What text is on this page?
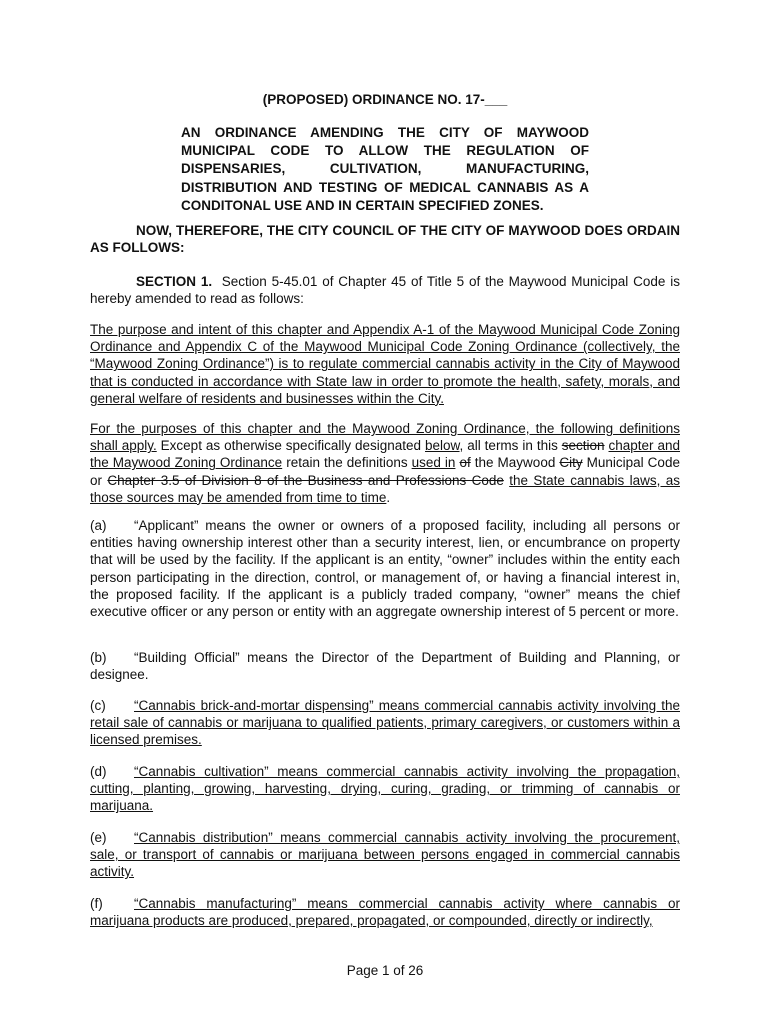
(PROPOSED) ORDINANCE NO. 17-___
AN ORDINANCE AMENDING THE CITY OF MAYWOOD MUNICIPAL CODE TO ALLOW THE REGULATION OF DISPENSARIES, CULTIVATION, MANUFACTURING, DISTRIBUTION AND TESTING OF MEDICAL CANNABIS AS A CONDITONAL USE AND IN CERTAIN SPECIFIED ZONES.
NOW, THEREFORE, THE CITY COUNCIL OF THE CITY OF MAYWOOD DOES ORDAIN AS FOLLOWS:
SECTION 1. Section 5-45.01 of Chapter 45 of Title 5 of the Maywood Municipal Code is hereby amended to read as follows:
The purpose and intent of this chapter and Appendix A-1 of the Maywood Municipal Code Zoning Ordinance and Appendix C of the Maywood Municipal Code Zoning Ordinance (collectively, the “Maywood Zoning Ordinance”) is to regulate commercial cannabis activity in the City of Maywood that is conducted in accordance with State law in order to promote the health, safety, morals, and general welfare of residents and businesses within the City.
For the purposes of this chapter and the Maywood Zoning Ordinance, the following definitions shall apply. Except as otherwise specifically designated below, all terms in this section chapter and the Maywood Zoning Ordinance retain the definitions used in of the Maywood City Municipal Code or Chapter 3.5 of Division 8 of the Business and Professions Code the State cannabis laws, as those sources may be amended from time to time.
(a) “Applicant” means the owner or owners of a proposed facility, including all persons or entities having ownership interest other than a security interest, lien, or encumbrance on property that will be used by the facility. If the applicant is an entity, “owner” includes within the entity each person participating in the direction, control, or management of, or having a financial interest in, the proposed facility. If the applicant is a publicly traded company, “owner” means the chief executive officer or any person or entity with an aggregate ownership interest of 5 percent or more.
(b) “Building Official” means the Director of the Department of Building and Planning, or designee.
(c) “Cannabis brick-and-mortar dispensing” means commercial cannabis activity involving the retail sale of cannabis or marijuana to qualified patients, primary caregivers, or customers within a licensed premises.
(d) “Cannabis cultivation” means commercial cannabis activity involving the propagation, cutting, planting, growing, harvesting, drying, curing, grading, or trimming of cannabis or marijuana.
(e) “Cannabis distribution” means commercial cannabis activity involving the procurement, sale, or transport of cannabis or marijuana between persons engaged in commercial cannabis activity.
(f) “Cannabis manufacturing” means commercial cannabis activity where cannabis or marijuana products are produced, prepared, propagated, or compounded, directly or indirectly,
Page 1 of 26
